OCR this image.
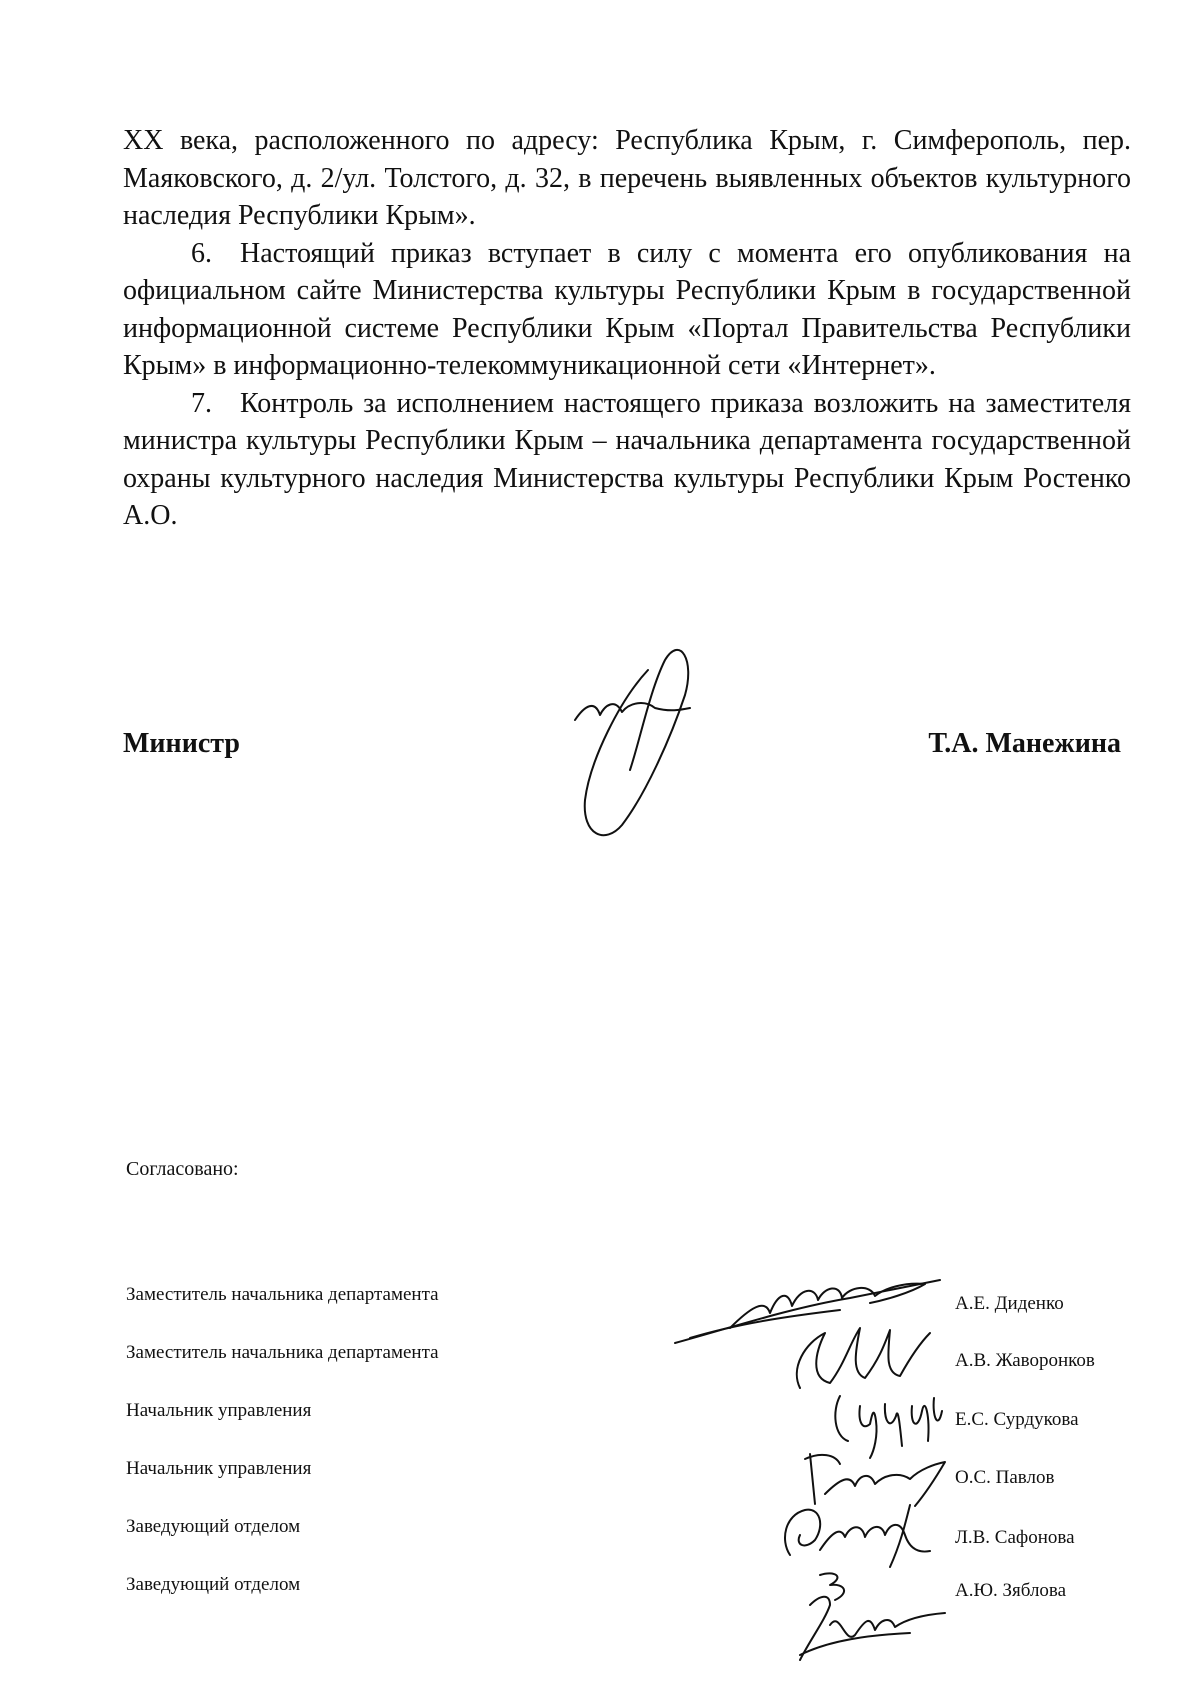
XX века, расположенного по адресу: Республика Крым, г. Симферополь, пер. Маяковского, д. 2/ул. Толстого, д. 32, в перечень выявленных объектов культурного наследия Республики Крым».

6. Настоящий приказ вступает в силу с момента его опубликования на официальном сайте Министерства культуры Республики Крым в государственной информационной системе Республики Крым «Портал Правительства Республики Крым» в информационно-телекоммуникационной сети «Интернет».

7. Контроль за исполнением настоящего приказа возложить на заместителя министра культуры Республики Крым – начальника департамента государственной охраны культурного наследия Министерства культуры Республики Крым Ростенко А.О.

Министр	Т.А. Манежина
Согласовано:
Заместитель начальника департамента
Заместитель начальника департамента
Начальник управления
Начальник управления
Заведующий отделом
Заведующий отделом
А.Е. Диденко
А.В. Жаворонков
Е.С. Сурдукова
О.С. Павлов
Л.В. Сафонова
А.Ю. Зяблова
